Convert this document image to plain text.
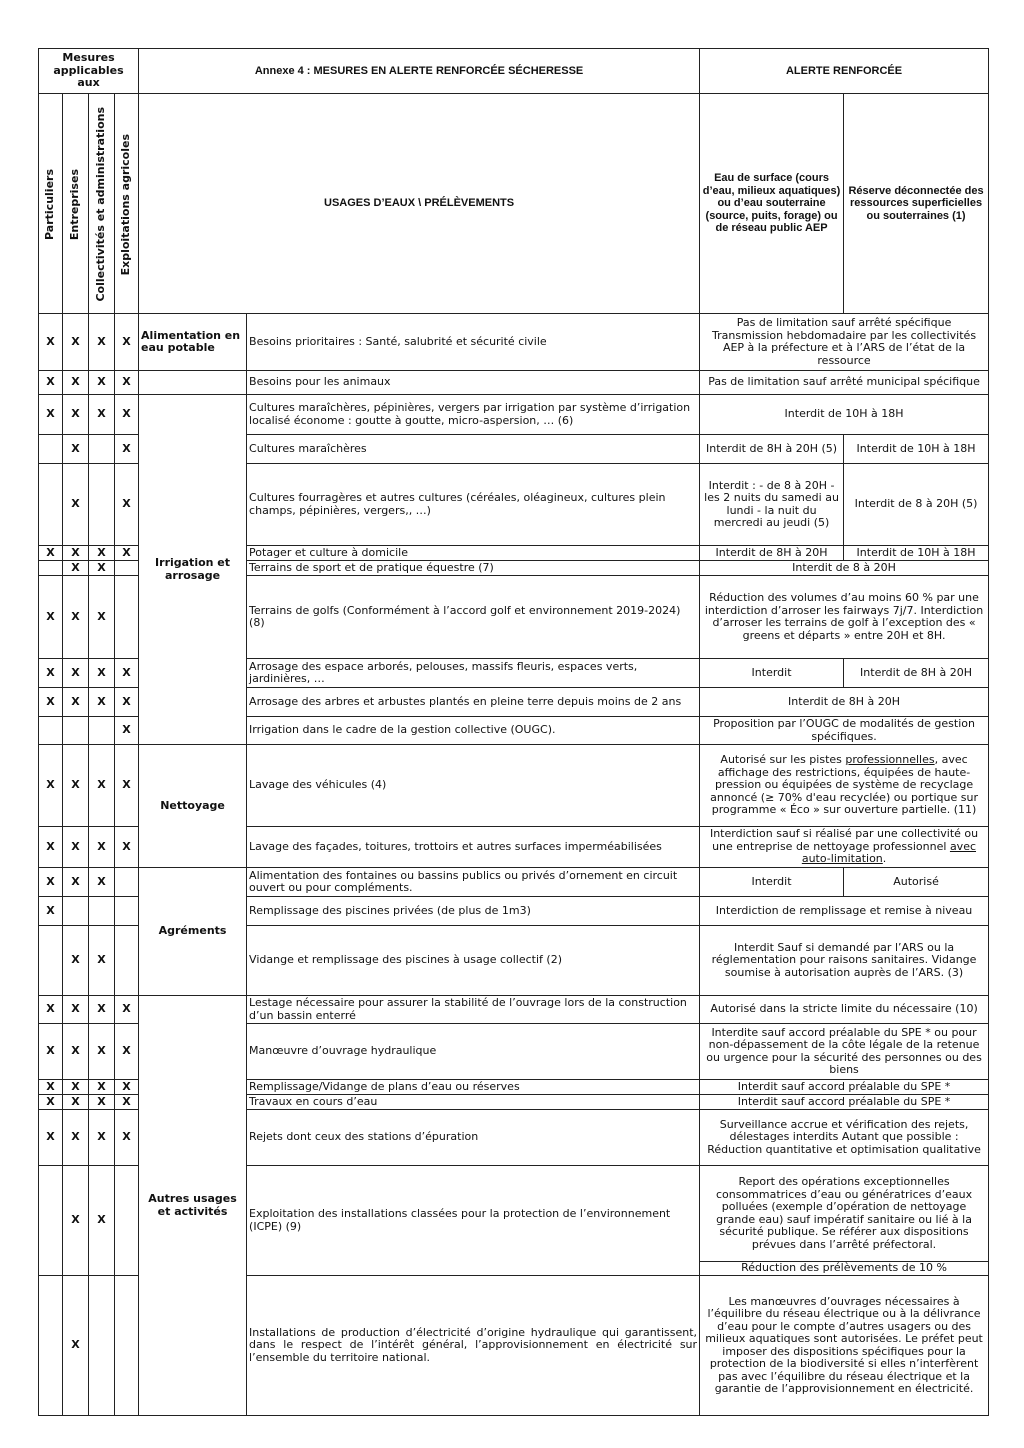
Mesures applicables aux				Annexe 4 : MESURES EN ALERTE RENFORCÉE SÉCHERESSE		ALERTE RENFORCÉE	

Particuliers	Entreprises	Collectivités et administrations	Exploitations agricoles	USAGES D’EAUX \ PRÉLÈVEMENTS		Eau de surface (cours d’eau, milieux aquatiques) ou d’eau souterraine (source, puits, forage) ou de réseau public AEP	Réserve déconnectée des ressources superficielles ou souterraines (1)
X	X	X	X	Alimentation en eau potable	Besoins prioritaires : Santé, salubrité et sécurité civile	Pas de limitation sauf arrêté spécifique Transmission hebdomadaire par les collectivités AEP à la préfecture et à l’ARS de l’état de la ressource	
X	X	X	X		Besoins pour les animaux	Pas de limitation sauf arrêté municipal spécifique	
X	X	X	X	Irrigation et arrosage	Cultures maraîchères, pépinières, vergers par irrigation par système d’irrigation localisé économe : goutte à goutte, micro-aspersion, … (6)	Interdit de 10H à 18H	
	X		X		Cultures maraîchères	Interdit de 8H à 20H (5)	Interdit de 10H à 18H
	X		X		Cultures fourragères et autres cultures (céréales, oléagineux, cultures plein champs, pépinières, vergers,, …)	Interdit : - de 8 à 20H - les 2 nuits du samedi au lundi - la nuit du mercredi au jeudi (5)	Interdit de 8 à 20H (5)
X	X	X	X		Potager et culture à domicile	Interdit de 8H à 20H	Interdit de 10H à 18H
	X	X			Terrains de sport et de pratique équestre (7)	Interdit de 8 à 20H	
X	X	X			Terrains de golfs (Conformément à l’accord golf et environnement 2019-2024) (8)	Réduction des volumes d’au moins 60 % par une interdiction d’arroser les fairways 7j/7. Interdiction d’arroser les terrains de golf à l’exception des « greens et départs » entre 20H et 8H.	
X	X	X	X		Arrosage des espace arborés, pelouses, massifs fleuris, espaces verts, jardinières, …	Interdit	Interdit de 8H à 20H
X	X	X	X		Arrosage des arbres et arbustes plantés en pleine terre depuis moins de 2 ans	Interdit de 8H à 20H	
			X		Irrigation dans le cadre de la gestion collective (OUGC).	Proposition par l’OUGC de modalités de gestion spécifiques.	
X	X	X	X	Nettoyage	Lavage des véhicules (4)	Autorisé sur les pistes professionnelles, avec affichage des restrictions, équipées de haute-pression ou équipées de système de recyclage annoncé (≥ 70% d'eau recyclée) ou portique sur programme « Éco » sur ouverture partielle. (11)	
X	X	X	X		Lavage des façades, toitures, trottoirs et autres surfaces imperméabilisées	Interdiction sauf si réalisé par une collectivité ou une entreprise de nettoyage professionnel avec auto-limitation.	
X	X	X		Agréments	Alimentation des fontaines ou bassins publics ou privés d’ornement en circuit ouvert ou pour compléments.	Interdit	Autorisé
X					Remplissage des piscines privées (de plus de 1m3)	Interdiction de remplissage et remise à niveau	
	X	X			Vidange et remplissage des piscines à usage collectif (2)	Interdit Sauf si demandé par l’ARS ou la réglementation pour raisons sanitaires. Vidange soumise à autorisation auprès de l’ARS. (3)	
X	X	X	X	Autres usages et activités	Lestage nécessaire pour assurer la stabilité de l’ouvrage lors de la construction d’un bassin enterré	Autorisé dans la stricte limite du nécessaire (10)	
X	X	X	X		Manœuvre d’ouvrage hydraulique	Interdite sauf accord préalable du SPE * ou pour non-dépassement de la côte légale de la retenue ou urgence pour la sécurité des personnes ou des biens	
X	X	X	X		Remplissage/Vidange de plans d’eau ou réserves	Interdit sauf accord préalable du SPE *	
X	X	X	X		Travaux en cours d’eau	Interdit sauf accord préalable du SPE *	
X	X	X	X		Rejets dont ceux des stations d’épuration	Surveillance accrue et vérification des rejets, délestages interdits Autant que possible : Réduction quantitative et optimisation qualitative	
	X	X			Exploitation des installations classées pour la protection de l’environnement (ICPE) (9)	Report des opérations exceptionnelles consommatrices d’eau ou génératrices d’eaux polluées (exemple d’opération de nettoyage grande eau) sauf impératif sanitaire ou lié à la sécurité publique. Se référer aux dispositions prévues dans l’arrêté préfectoral.	
						Réduction des prélèvements de 10 %	
	X				Installations de production d’électricité d’origine hydraulique qui garantissent, dans le respect de l’intérêt général, l’approvisionnement en électricité sur l’ensemble du territoire national.	Les manœuvres d’ouvrages nécessaires à l’équilibre du réseau électrique ou à la délivrance d’eau pour le compte d’autres usagers ou des milieux aquatiques sont autorisées. Le préfet peut imposer des dispositions spécifiques pour la protection de la biodiversité si elles n’interfèrent pas avec l’équilibre du réseau électrique et la garantie de l’approvisionnement en électricité.	
